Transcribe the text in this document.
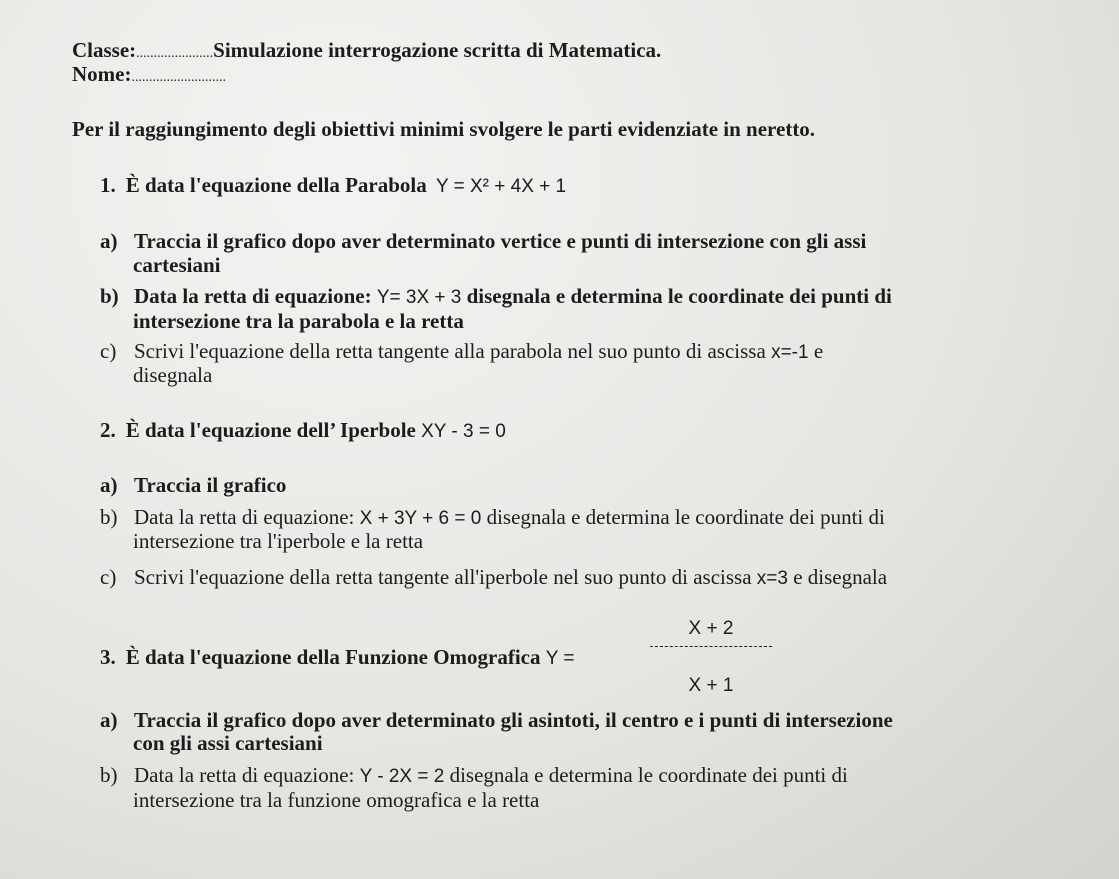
Classe:......................Simulazione interrogazione scritta di Matematica.
Nome:...........................
Per il raggiungimento degli obiettivi minimi svolgere le parti evidenziate in neretto.
1. È data l'equazione della Parabola Y = X² + 4X + 1
a) Traccia il grafico dopo aver determinato vertice e punti di intersezione con gli assi
cartesiani
b) Data la retta di equazione: Y= 3X + 3 disegnala e determina le coordinate dei punti di
intersezione tra la parabola e la retta
c) Scrivi l'equazione della retta tangente alla parabola nel suo punto di ascissa x=-1 e
disegnala
2. È data l'equazione dell’ Iperbole XY - 3 = 0
a) Traccia il grafico
b) Data la retta di equazione: X + 3Y + 6 = 0 disegnala e determina le coordinate dei punti di
intersezione tra l'iperbole e la retta
c) Scrivi l'equazione della retta tangente all'iperbole nel suo punto di ascissa x=3 e disegnala
3. È data l'equazione della Funzione Omografica Y =
X + 2
X + 1
a) Traccia il grafico dopo aver determinato gli asintoti, il centro e i punti di intersezione
con gli assi cartesiani
b) Data la retta di equazione: Y - 2X = 2 disegnala e determina le coordinate dei punti di
intersezione tra la funzione omografica e la retta
